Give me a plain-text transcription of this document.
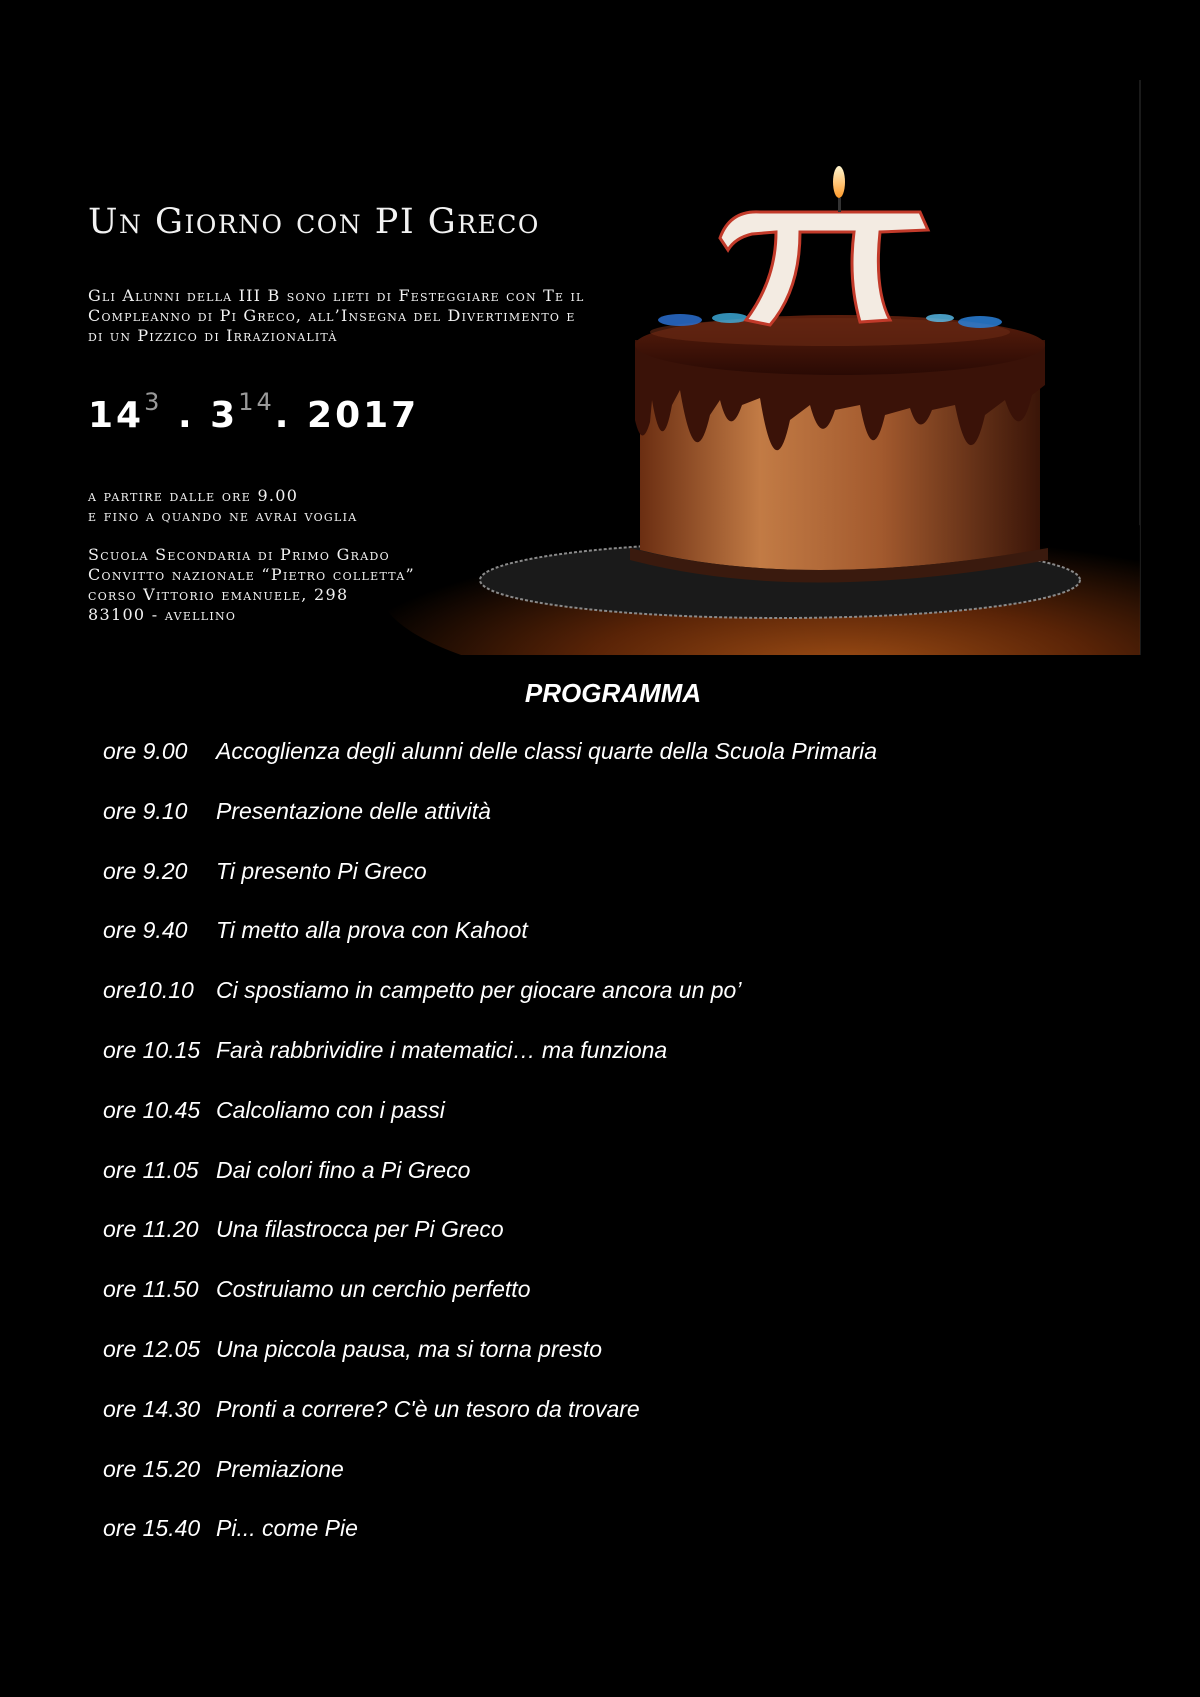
Un Giorno con PI Greco
Gli Alunni della III B sono lieti di Festeggiare con Te il
Compleanno di Pi Greco, all’Insegna del Divertimento e
di un Pizzico di Irrazionalità
$14^3$ . $3^{14}$. 2017
a partire dalle ore 9.00
e fino a quando ne avrai voglia
Scuola Secondaria di Primo Grado
Convitto nazionale “Pietro colletta”
corso Vittorio emanuele, 298
83100 - avellino
PROGRAMMA
ore 9.00	Accoglienza degli alunni delle classi quarte della Scuola Primaria
ore 9.10	Presentazione delle attività
ore 9.20	Ti presento Pi Greco
ore 9.40	Ti metto alla prova con Kahoot
ore10.10 Ci spostiamo in campetto per giocare ancora un po’
ore 10.15 Farà rabbrividire i matematici… ma funziona
ore 10.45 Calcoliamo con i passi
ore 11.05 Dai colori fino a Pi Greco
ore 11.20 Una filastrocca per Pi Greco
ore 11.50 Costruiamo un cerchio perfetto
ore 12.05 Una piccola pausa, ma si torna presto
ore 14.30 Pronti a correre? C'è un tesoro da trovare
ore 15.20 Premiazione
ore 15.40 Pi... come Pie
